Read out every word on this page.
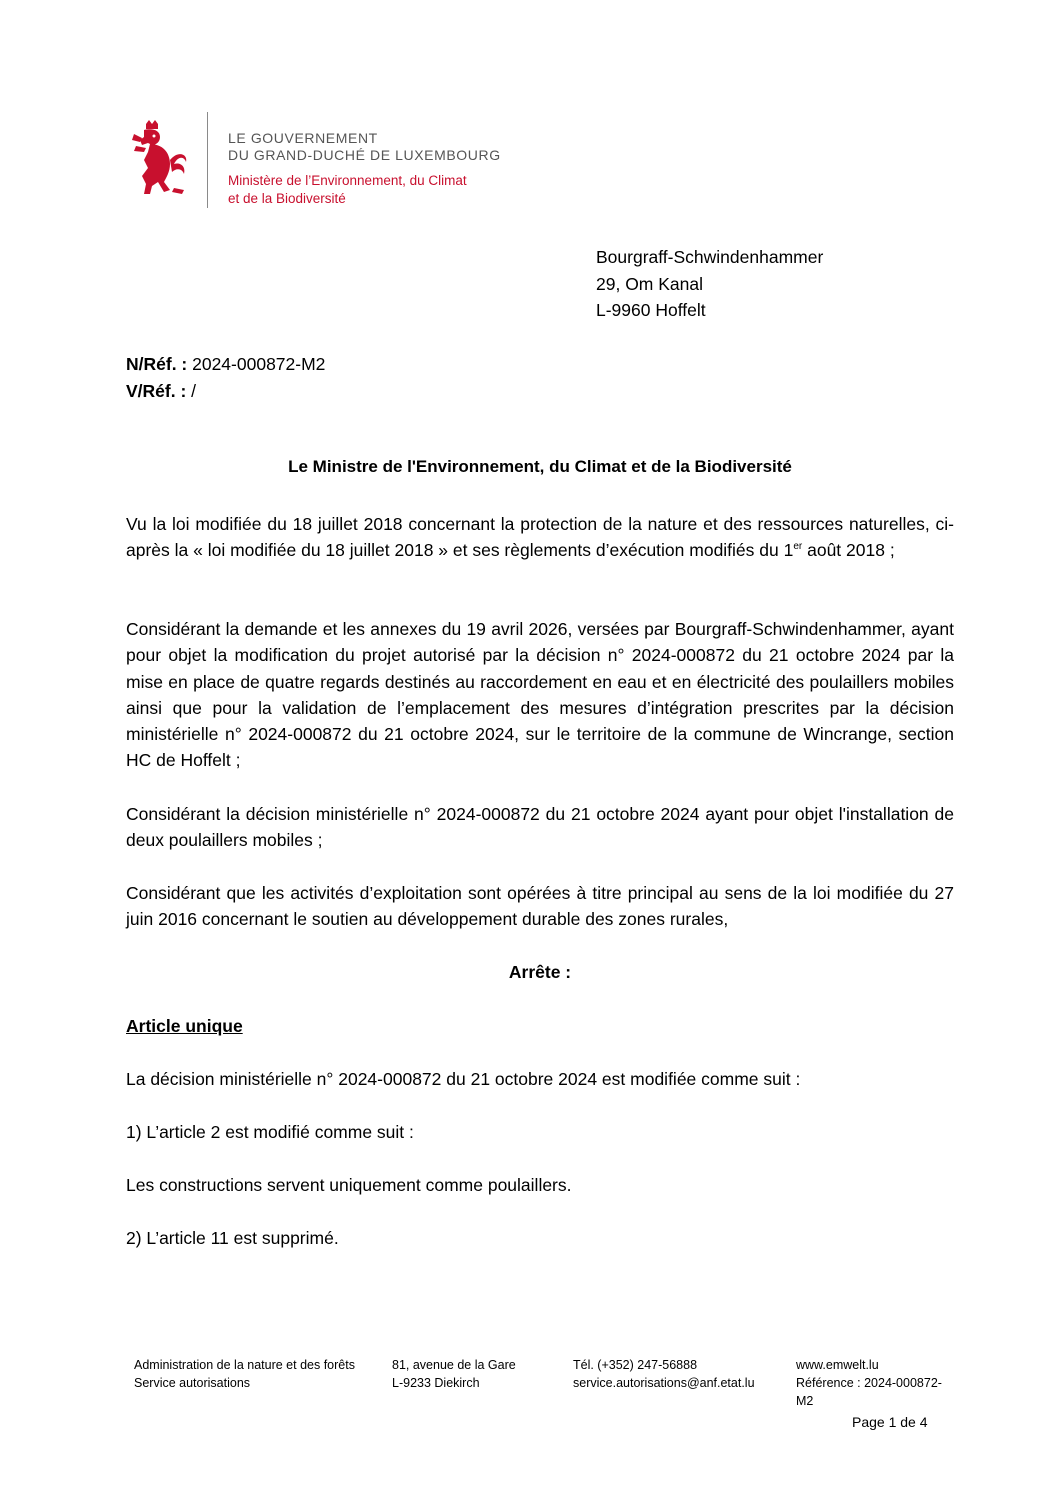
LE GOUVERNEMENT
DU GRAND-DUCHÉ DE LUXEMBOURG
Ministère de l’Environnement, du Climat
et de la Biodiversité
Bourgraff-Schwindenhammer
29, Om Kanal
L-9960 Hoffelt
N/Réf. : 2024-000872-M2
V/Réf. : /
Le Ministre de l'Environnement, du Climat et de la Biodiversité
Vu la loi modifiée du 18 juillet 2018 concernant la protection de la nature et des ressources naturelles, ci-après la « loi modifiée du 18 juillet 2018 » et ses règlements d’exécution modifiés du 1er août 2018 ;
Considérant la demande et les annexes du 19 avril 2026, versées par Bourgraff-Schwindenhammer, ayant pour objet la modification du projet autorisé par la décision n° 2024-000872 du 21 octobre 2024 par la mise en place de quatre regards destinés au raccordement en eau et en électricité des poulaillers mobiles ainsi que pour la validation de l’emplacement des mesures d’intégration prescrites par la décision ministérielle n° 2024-000872 du 21 octobre 2024, sur le territoire de la commune de Wincrange, section HC de Hoffelt ;
Considérant la décision ministérielle n° 2024-000872 du 21 octobre 2024 ayant pour objet l'installation de deux poulaillers mobiles ;
Considérant que les activités d’exploitation sont opérées à titre principal au sens de la loi modifiée du 27 juin 2016 concernant le soutien au développement durable des zones rurales,
Arrête :
Article unique
La décision ministérielle n° 2024-000872 du 21 octobre 2024 est modifiée comme suit :
1) L’article 2 est modifié comme suit :
Les constructions servent uniquement comme poulaillers.
2) L’article 11 est supprimé.
Administration de la nature et des forêts
Service autorisations
81, avenue de la Gare
L-9233 Diekirch
Tél. (+352) 247-56888
service.autorisations@anf.etat.lu
www.emwelt.lu
Référence : 2024-000872-M2
Page 1 de 4
